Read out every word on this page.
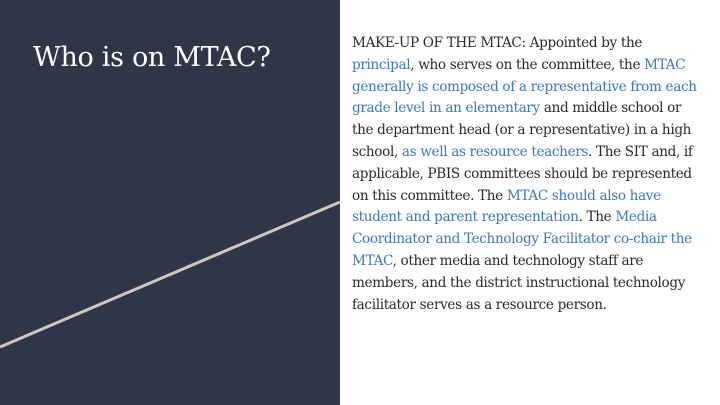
Who is on MTAC?	MAKE-UP OF THE MTAC: Appointed by the principal, who serves on the committee, the MTAC generally is composed of a representative from each grade level in an elementary and middle school or the department head (or a representative) in a high school, as well as resource teachers. The SIT and, if applicable, PBIS committees should be represented on this committee. The MTAC should also have student and parent representation. The Media Coordinator and Technology Facilitator co-chair the MTAC, other media and technology staff are members, and the district instructional technology facilitator serves as a resource person.
